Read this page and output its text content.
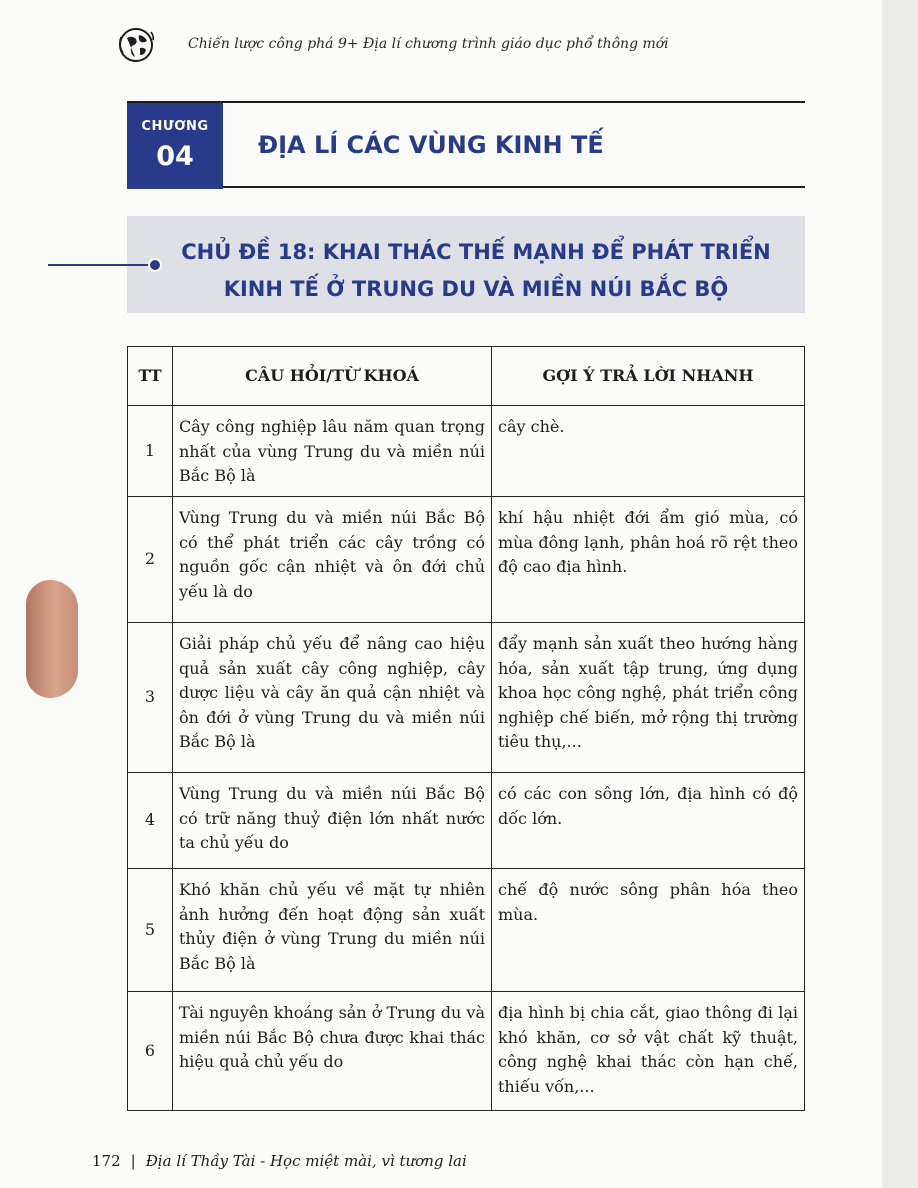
Chiến lược công phá 9+ Địa lí chương trình giáo dục phổ thông mới
CHƯƠNG
04	ĐỊA LÍ CÁC VÙNG KINH TẾ
CHỦ ĐỀ 18: KHAI THÁC THẾ MẠNH ĐỂ PHÁT TRIỂN
KINH TẾ Ở TRUNG DU VÀ MIỀN NÚI BẮC BỘ
TT	CÂU HỎI/TỪ KHOÁ	GỢI Ý TRẢ LỜI NHANH
1	Cây công nghiệp lâu năm quan trọng nhất của vùng Trung du và miền núi Bắc Bộ là	cây chè.
2	Vùng Trung du và miền núi Bắc Bộ có thể phát triển các cây trồng có nguồn gốc cận nhiệt và ôn đới chủ yếu là do	khí hậu nhiệt đới ẩm gió mùa, có mùa đông lạnh, phân hoá rõ rệt theo độ cao địa hình.
3	Giải pháp chủ yếu để nâng cao hiệu quả sản xuất cây công nghiệp, cây dược liệu và cây ăn quả cận nhiệt và ôn đới ở vùng Trung du và miền núi Bắc Bộ là	đẩy mạnh sản xuất theo hướng hàng hóa, sản xuất tập trung, ứng dụng khoa học công nghệ, phát triển công nghiệp chế biến, mở rộng thị trường tiêu thụ,...
4	Vùng Trung du và miền núi Bắc Bộ có trữ năng thuỷ điện lớn nhất nước ta chủ yếu do	có các con sông lớn, địa hình có độ dốc lớn.
5	Khó khăn chủ yếu về mặt tự nhiên ảnh hưởng đến hoạt động sản xuất thủy điện ở vùng Trung du miền núi Bắc Bộ là	chế độ nước sông phân hóa theo mùa.
6	Tài nguyên khoáng sản ở Trung du và miền núi Bắc Bộ chưa được khai thác hiệu quả chủ yếu do	địa hình bị chia cắt, giao thông đi lại khó khăn, cơ sở vật chất kỹ thuật, công nghệ khai thác còn hạn chế, thiếu vốn,...
172 | Địa lí Thầy Tài - Học miệt mài, vì tương lai
